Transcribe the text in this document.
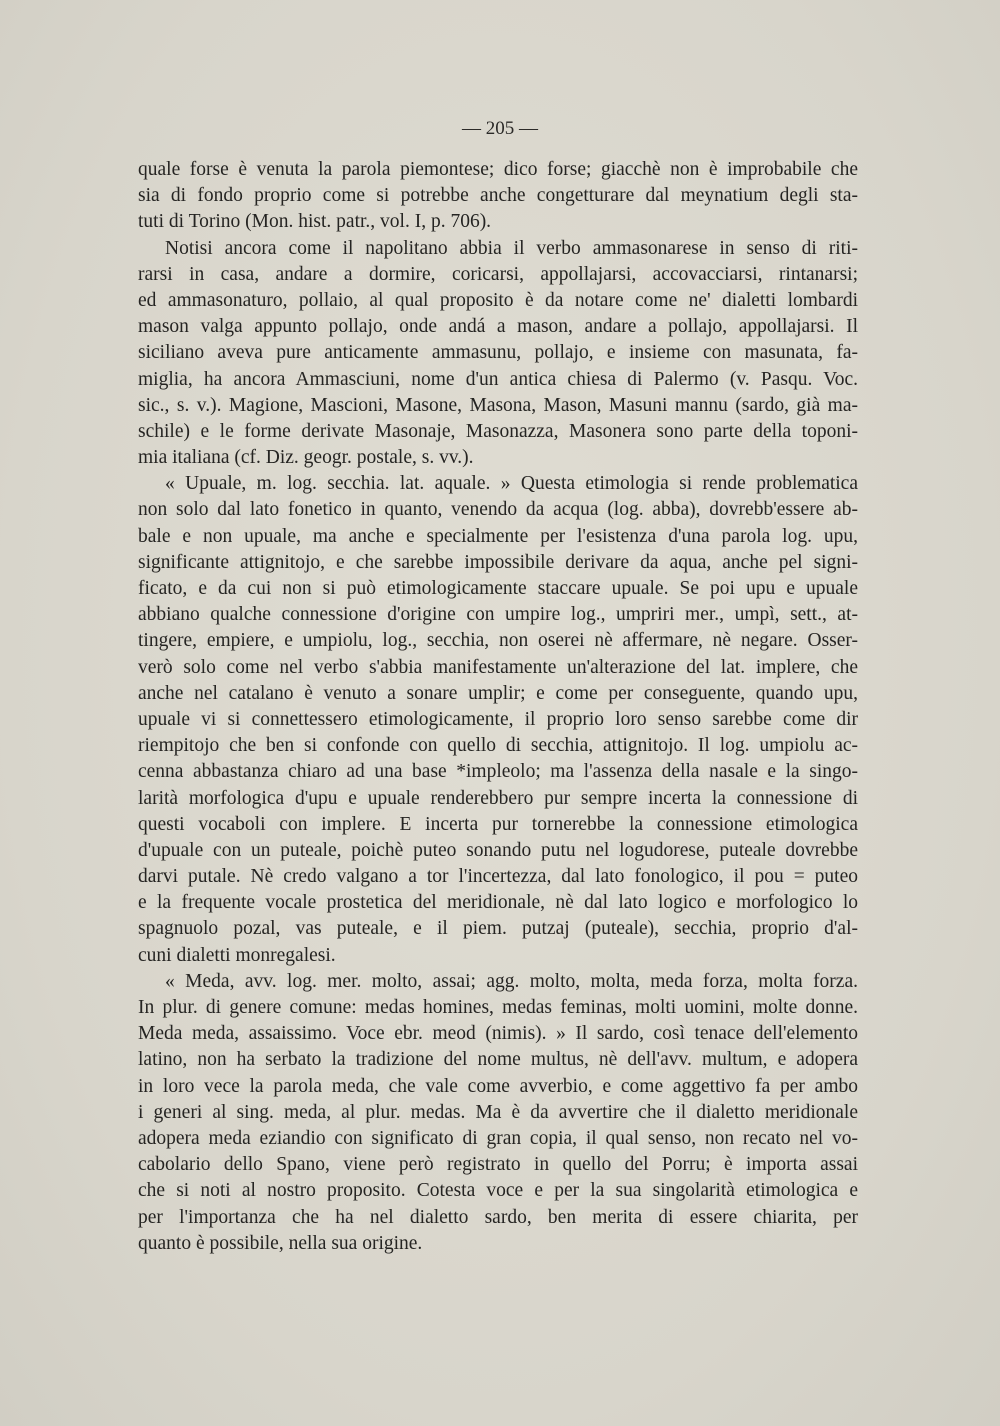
— 205 —
quale forse è venuta la parola piemontese; dico forse; giacchè non è improbabile che
sia di fondo proprio come si potrebbe anche congetturare dal meynatium degli sta-
tuti di Torino (Mon. hist. patr., vol. I, p. 706).
Notisi ancora come il napolitano abbia il verbo ammasonarese in senso di riti-
rarsi in casa, andare a dormire, coricarsi, appollajarsi, accovacciarsi, rintanarsi;
ed ammasonaturo, pollaio, al qual proposito è da notare come ne' dialetti lombardi
mason valga appunto pollajo, onde andá a mason, andare a pollajo, appollajarsi. Il
siciliano aveva pure anticamente ammasunu, pollajo, e insieme con masunata, fa-
miglia, ha ancora Ammasciuni, nome d'un antica chiesa di Palermo (v. Pasqu. Voc.
sic., s. v.). Magione, Mascioni, Masone, Masona, Mason, Masuni mannu (sardo, già ma-
schile) e le forme derivate Masonaje, Masonazza, Masonera sono parte della toponi-
mia italiana (cf. Diz. geogr. postale, s. vv.).
« Upuale, m. log. secchia. lat. aquale. » Questa etimologia si rende problematica
non solo dal lato fonetico in quanto, venendo da acqua (log. abba), dovrebb'essere ab-
bale e non upuale, ma anche e specialmente per l'esistenza d'una parola log. upu,
significante attignitojo, e che sarebbe impossibile derivare da aqua, anche pel signi-
ficato, e da cui non si può etimologicamente staccare upuale. Se poi upu e upuale
abbiano qualche connessione d'origine con umpire log., umpriri mer., umpì, sett., at-
tingere, empiere, e umpiolu, log., secchia, non oserei nè affermare, nè negare. Osser-
verò solo come nel verbo s'abbia manifestamente un'alterazione del lat. implere, che
anche nel catalano è venuto a sonare umplir; e come per conseguente, quando upu,
upuale vi si connettessero etimologicamente, il proprio loro senso sarebbe come dir
riempitojo che ben si confonde con quello di secchia, attignitojo. Il log. umpiolu ac-
cenna abbastanza chiaro ad una base *impleolo; ma l'assenza della nasale e la singo-
larità morfologica d'upu e upuale renderebbero pur sempre incerta la connessione di
questi vocaboli con implere. E incerta pur tornerebbe la connessione etimologica
d'upuale con un puteale, poichè puteo sonando putu nel logudorese, puteale dovrebbe
darvi putale. Nè credo valgano a tor l'incertezza, dal lato fonologico, il pou = puteo
e la frequente vocale prostetica del meridionale, nè dal lato logico e morfologico lo
spagnuolo pozal, vas puteale, e il piem. putzaj (puteale), secchia, proprio d'al-
cuni dialetti monregalesi.
« Meda, avv. log. mer. molto, assai; agg. molto, molta, meda forza, molta forza.
In plur. di genere comune: medas homines, medas feminas, molti uomini, molte donne.
Meda meda, assaissimo. Voce ebr. meod (nimis). » Il sardo, così tenace dell'elemento
latino, non ha serbato la tradizione del nome multus, nè dell'avv. multum, e adopera
in loro vece la parola meda, che vale come avverbio, e come aggettivo fa per ambo
i generi al sing. meda, al plur. medas. Ma è da avvertire che il dialetto meridionale
adopera meda eziandio con significato di gran copia, il qual senso, non recato nel vo-
cabolario dello Spano, viene però registrato in quello del Porru; è importa assai
che si noti al nostro proposito. Cotesta voce e per la sua singolarità etimologica e
per l'importanza che ha nel dialetto sardo, ben merita di essere chiarita, per
quanto è possibile, nella sua origine.
